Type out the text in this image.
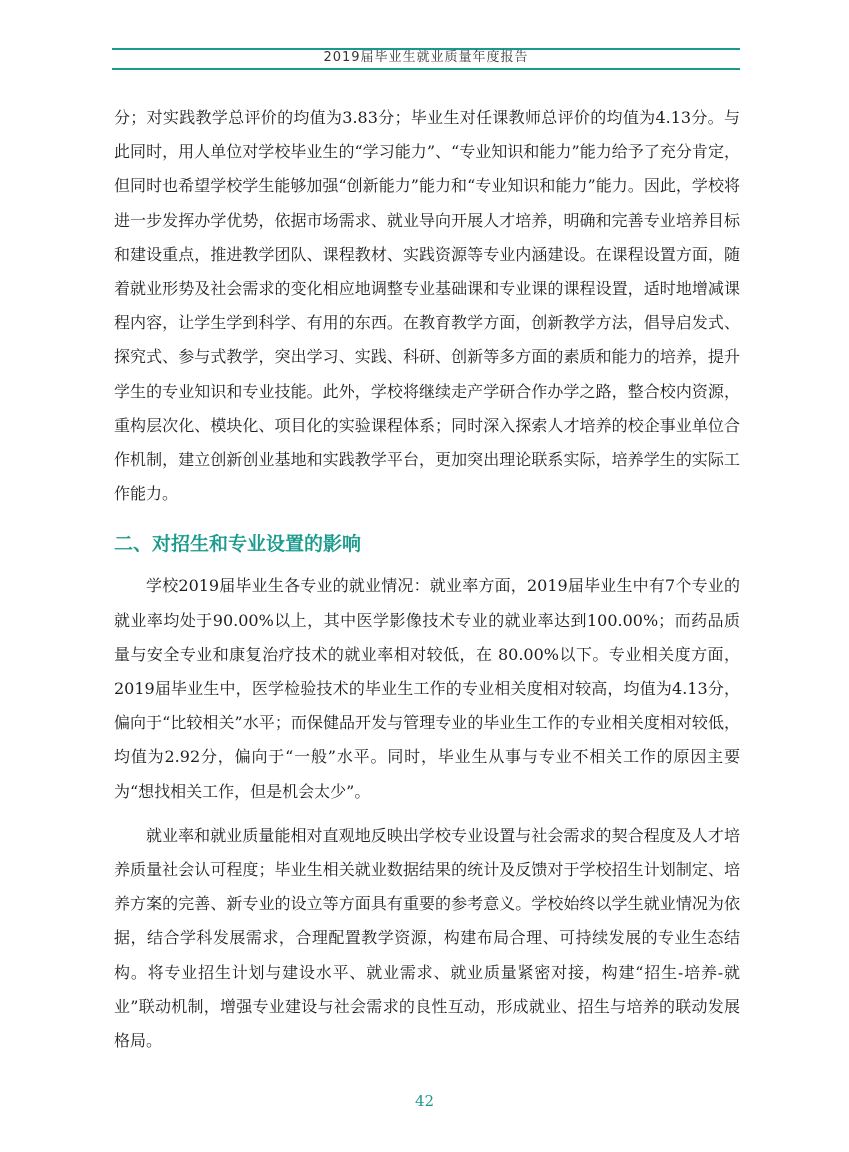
2019届毕业生就业质量年度报告

分；对实践教学总评价的均值为3.83分；毕业生对任课教师总评价的均值为4.13分。与此同时，用人单位对学校毕业生的“学习能力”、“专业知识和能力”能力给予了充分肯定，但同时也希望学校学生能够加强“创新能力”能力和“专业知识和能力”能力。因此，学校将进一步发挥办学优势，依据市场需求、就业导向开展人才培养，明确和完善专业培养目标和建设重点，推进教学团队、课程教材、实践资源等专业内涵建设。在课程设置方面，随着就业形势及社会需求的变化相应地调整专业基础课和专业课的课程设置，适时地增减课程内容，让学生学到科学、有用的东西。在教育教学方面，创新教学方法，倡导启发式、探究式、参与式教学，突出学习、实践、科研、创新等多方面的素质和能力的培养，提升学生的专业知识和专业技能。此外，学校将继续走产学研合作办学之路，整合校内资源，重构层次化、模块化、项目化的实验课程体系；同时深入探索人才培养的校企事业单位合作机制，建立创新创业基地和实践教学平台，更加突出理论联系实际，培养学生的实际工作能力。

二、对招生和专业设置的影响

学校2019届毕业生各专业的就业情况：就业率方面，2019届毕业生中有7个专业的就业率均处于90.00%以上，其中医学影像技术专业的就业率达到100.00%；而药品质量与安全专业和康复治疗技术的就业率相对较低，在 80.00%以下。专业相关度方面，2019届毕业生中，医学检验技术的毕业生工作的专业相关度相对较高，均值为4.13分，偏向于“比较相关”水平；而保健品开发与管理专业的毕业生工作的专业相关度相对较低，均值为2.92分，偏向于“一般”水平。同时，毕业生从事与专业不相关工作的原因主要为“想找相关工作，但是机会太少”。

就业率和就业质量能相对直观地反映出学校专业设置与社会需求的契合程度及人才培养质量社会认可程度；毕业生相关就业数据结果的统计及反馈对于学校招生计划制定、培养方案的完善、新专业的设立等方面具有重要的参考意义。学校始终以学生就业情况为依据，结合学科发展需求，合理配置教学资源，构建布局合理、可持续发展的专业生态结构。将专业招生计划与建设水平、就业需求、就业质量紧密对接，构建“招生-培养-就业”联动机制，增强专业建设与社会需求的良性互动，形成就业、招生与培养的联动发展格局。

42
